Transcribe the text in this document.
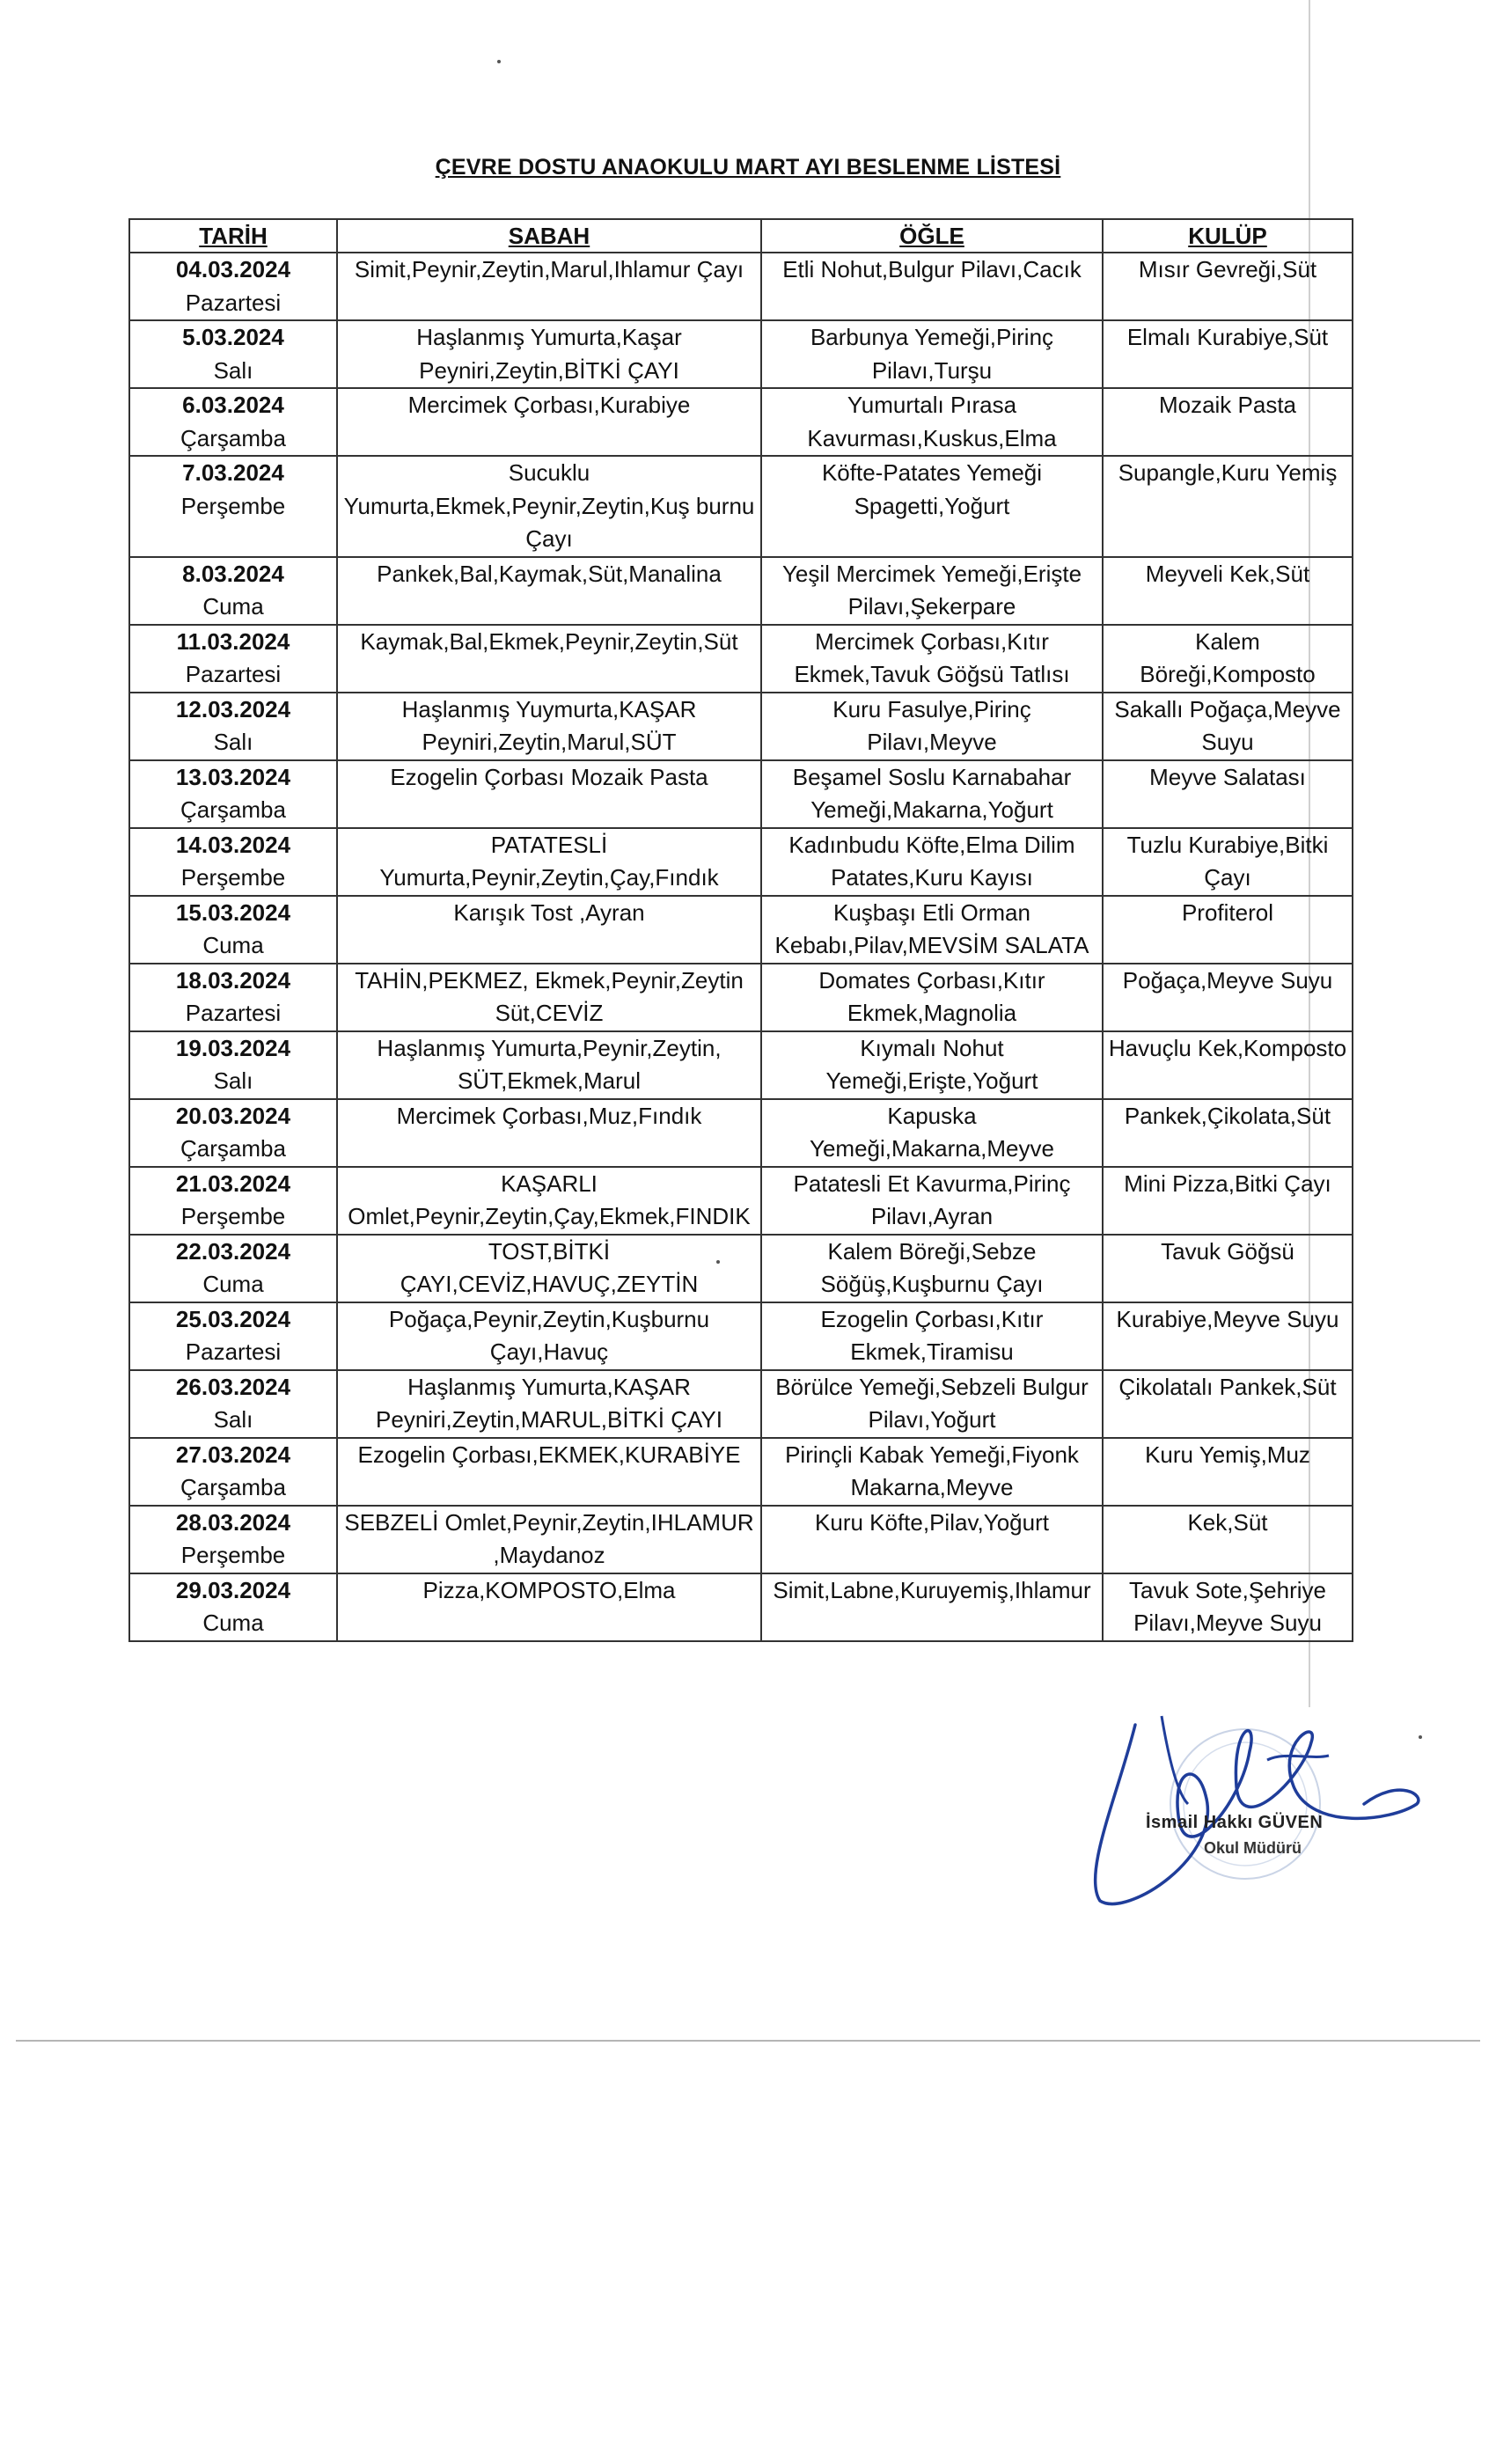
ÇEVRE DOSTU ANAOKULU MART AYI BESLENME LİSTESİ
TARİH	SABAH	ÖĞLE	KULÜP

04.03.2024
Pazartesi	Simit,Peynir,Zeytin,Marul,Ihlamur Çayı	Etli Nohut,Bulgur Pilavı,Cacık	Mısır Gevreği,Süt

5.03.2024
Salı	Haşlanmış Yumurta,Kaşar Peyniri,Zeytin,BİTKİ ÇAYI	Barbunya Yemeği,Pirinç Pilavı,Turşu	Elmalı Kurabiye,Süt

6.03.2024
Çarşamba	Mercimek Çorbası,Kurabiye	Yumurtalı Pırasa Kavurması,Kuskus,Elma	Mozaik Pasta

7.03.2024
Perşembe	Sucuklu Yumurta,Ekmek,Peynir,Zeytin,Kuş burnu Çayı	Köfte-Patates Yemeği Spagetti,Yoğurt	Supangle,Kuru Yemiş

8.03.2024
Cuma	Pankek,Bal,Kaymak,Süt,Manalina	Yeşil Mercimek Yemeği,Erişte Pilavı,Şekerpare	Meyveli Kek,Süt

11.03.2024
Pazartesi	Kaymak,Bal,Ekmek,Peynir,Zeytin,Süt	Mercimek Çorbası,Kıtır Ekmek,Tavuk Göğsü Tatlısı	Kalem Böreği,Komposto

12.03.2024
Salı	Haşlanmış Yuymurta,KAŞAR Peyniri,Zeytin,Marul,SÜT	Kuru Fasulye,Pirinç Pilavı,Meyve	Sakallı Poğaça,Meyve Suyu

13.03.2024
Çarşamba	Ezogelin Çorbası Mozaik Pasta	Beşamel Soslu Karnabahar Yemeği,Makarna,Yoğurt	Meyve Salatası

14.03.2024
Perşembe	PATATESLİ Yumurta,Peynir,Zeytin,Çay,Fındık	Kadınbudu Köfte,Elma Dilim Patates,Kuru Kayısı	Tuzlu Kurabiye,Bitki Çayı

15.03.2024
Cuma	Karışık Tost ,Ayran	Kuşbaşı Etli Orman Kebabı,Pilav,MEVSİM SALATA	Profiterol

18.03.2024
Pazartesi	TAHİN,PEKMEZ, Ekmek,Peynir,Zeytin Süt,CEVİZ	Domates Çorbası,Kıtır Ekmek,Magnolia	Poğaça,Meyve Suyu

19.03.2024
Salı	Haşlanmış Yumurta,Peynir,Zeytin, SÜT,Ekmek,Marul	Kıymalı Nohut Yemeği,Erişte,Yoğurt	Havuçlu Kek,Komposto

20.03.2024
Çarşamba	Mercimek Çorbası,Muz,Fındık	Kapuska Yemeği,Makarna,Meyve	Pankek,Çikolata,Süt

21.03.2024
Perşembe	KAŞARLI Omlet,Peynir,Zeytin,Çay,Ekmek,FINDIK	Patatesli Et Kavurma,Pirinç Pilavı,Ayran	Mini Pizza,Bitki Çayı

22.03.2024
Cuma	TOST,BİTKİ ÇAYI,CEVİZ,HAVUÇ,ZEYTİN	Kalem Böreği,Sebze Söğüş,Kuşburnu Çayı	Tavuk Göğsü

25.03.2024
Pazartesi	Poğaça,Peynir,Zeytin,Kuşburnu Çayı,Havuç	Ezogelin Çorbası,Kıtır Ekmek,Tiramisu	Kurabiye,Meyve Suyu

26.03.2024
Salı	Haşlanmış Yumurta,KAŞAR Peyniri,Zeytin,MARUL,BİTKİ ÇAYI	Börülce Yemeği,Sebzeli Bulgur Pilavı,Yoğurt	Çikolatalı Pankek,Süt

27.03.2024
Çarşamba	Ezogelin Çorbası,EKMEK,KURABİYE	Pirinçli Kabak Yemeği,Fiyonk Makarna,Meyve	Kuru Yemiş,Muz

28.03.2024
Perşembe	SEBZELİ Omlet,Peynir,Zeytin,IHLAMUR ,Maydanoz	Kuru Köfte,Pilav,Yoğurt	Kek,Süt

29.03.2024
Cuma	Pizza,KOMPOSTO,Elma	Simit,Labne,Kuruyemiş,Ihlamur	Tavuk Sote,Şehriye Pilavı,Meyve Suyu
İsmail Hakkı GÜVEN
Okul Müdürü
